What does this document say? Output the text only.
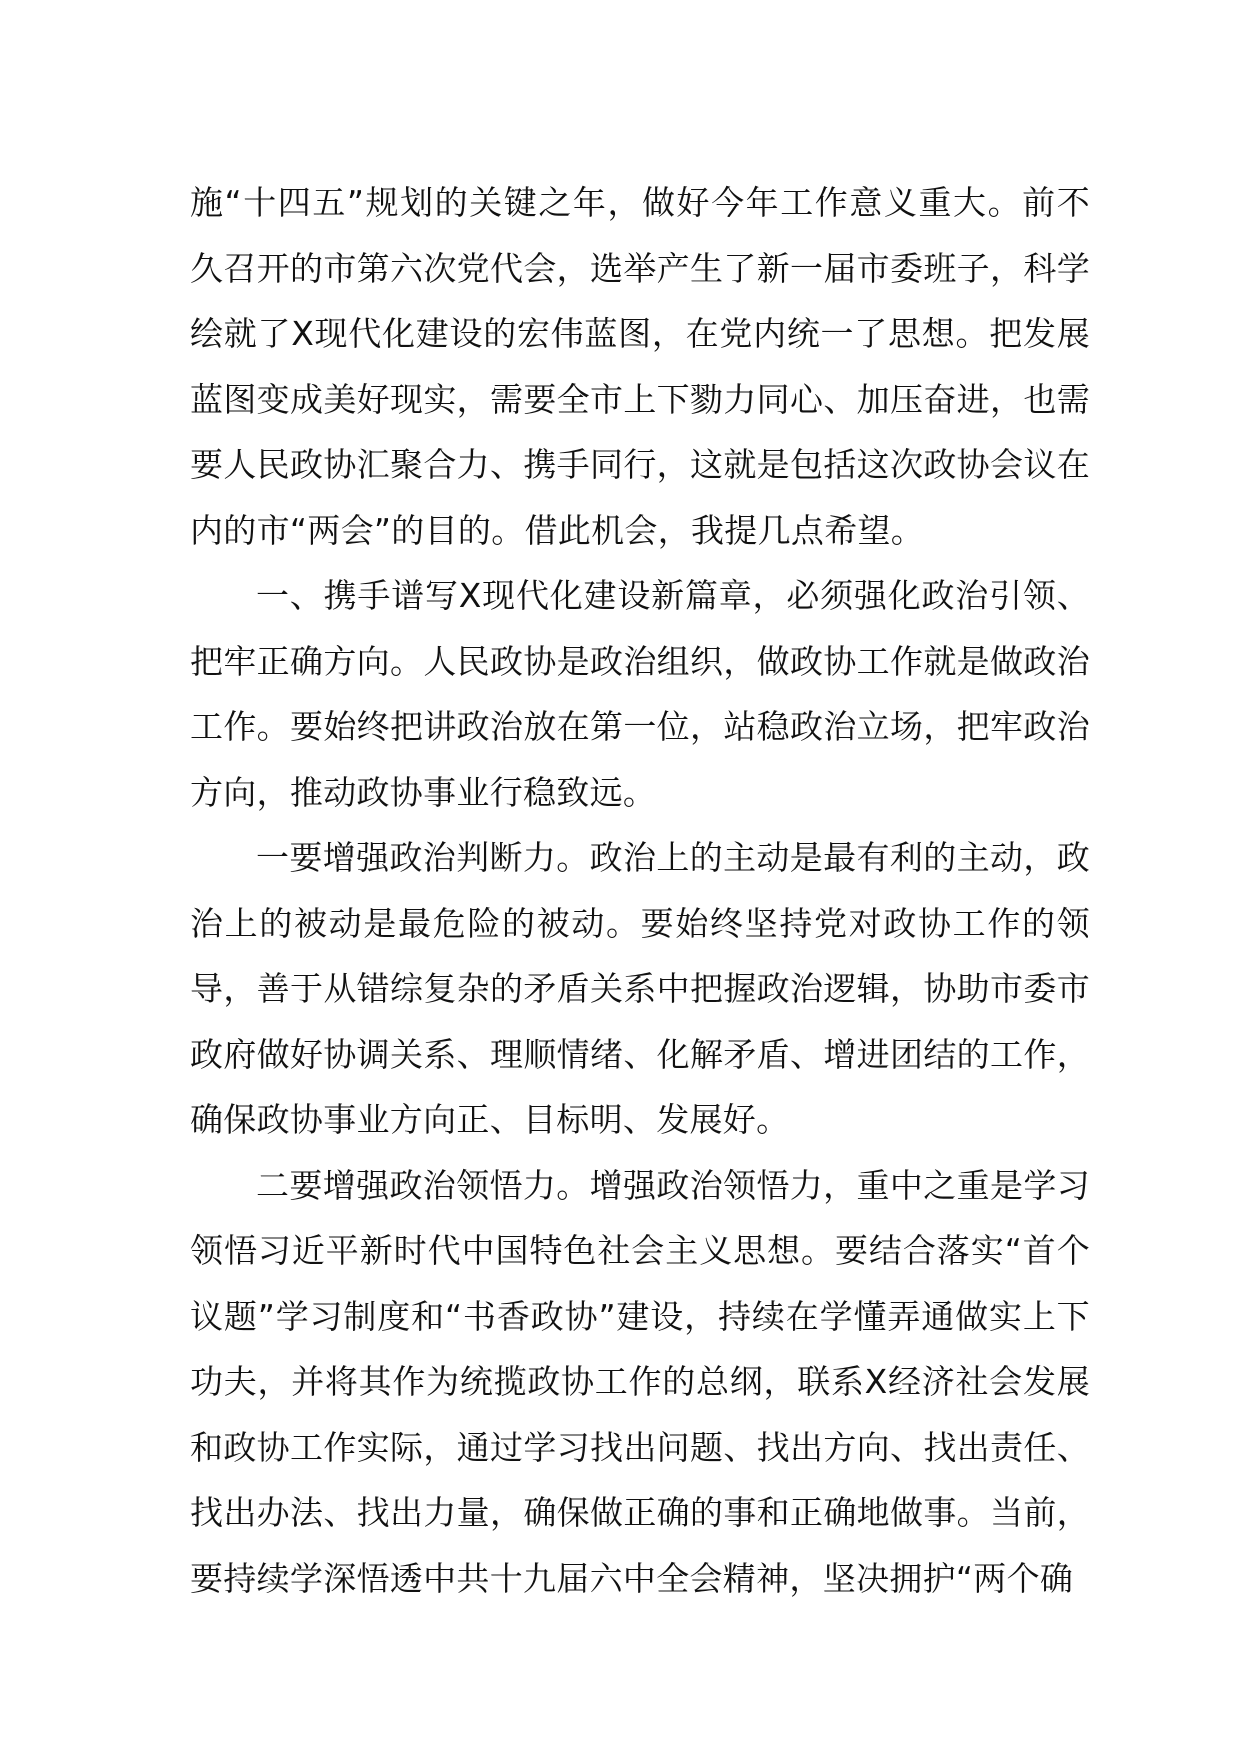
施“十四五”规划的关键之年，做好今年工作意义重大。前不久召开的市第六次党代会，选举产生了新一届市委班子，科学绘就了X现代化建设的宏伟蓝图，在党内统一了思想。把发展蓝图变成美好现实，需要全市上下勠力同心、加压奋进，也需要人民政协汇聚合力、携手同行，这就是包括这次政协会议在内的市“两会”的目的。借此机会，我提几点希望。

一、携手谱写X现代化建设新篇章，必须强化政治引领、把牢正确方向。人民政协是政治组织，做政协工作就是做政治工作。要始终把讲政治放在第一位，站稳政治立场，把牢政治方向，推动政协事业行稳致远。

一要增强政治判断力。政治上的主动是最有利的主动，政治上的被动是最危险的被动。要始终坚持党对政协工作的领导，善于从错综复杂的矛盾关系中把握政治逻辑，协助市委市政府做好协调关系、理顺情绪、化解矛盾、增进团结的工作，确保政协事业方向正、目标明、发展好。

二要增强政治领悟力。增强政治领悟力，重中之重是学习领悟习近平新时代中国特色社会主义思想。要结合落实“首个议题”学习制度和“书香政协”建设，持续在学懂弄通做实上下功夫，并将其作为统揽政协工作的总纲，联系X经济社会发展和政协工作实际，通过学习找出问题、找出方向、找出责任、找出办法、找出力量，确保做正确的事和正确地做事。当前，要持续学深悟透中共十九届六中全会精神，坚决拥护“两个确
